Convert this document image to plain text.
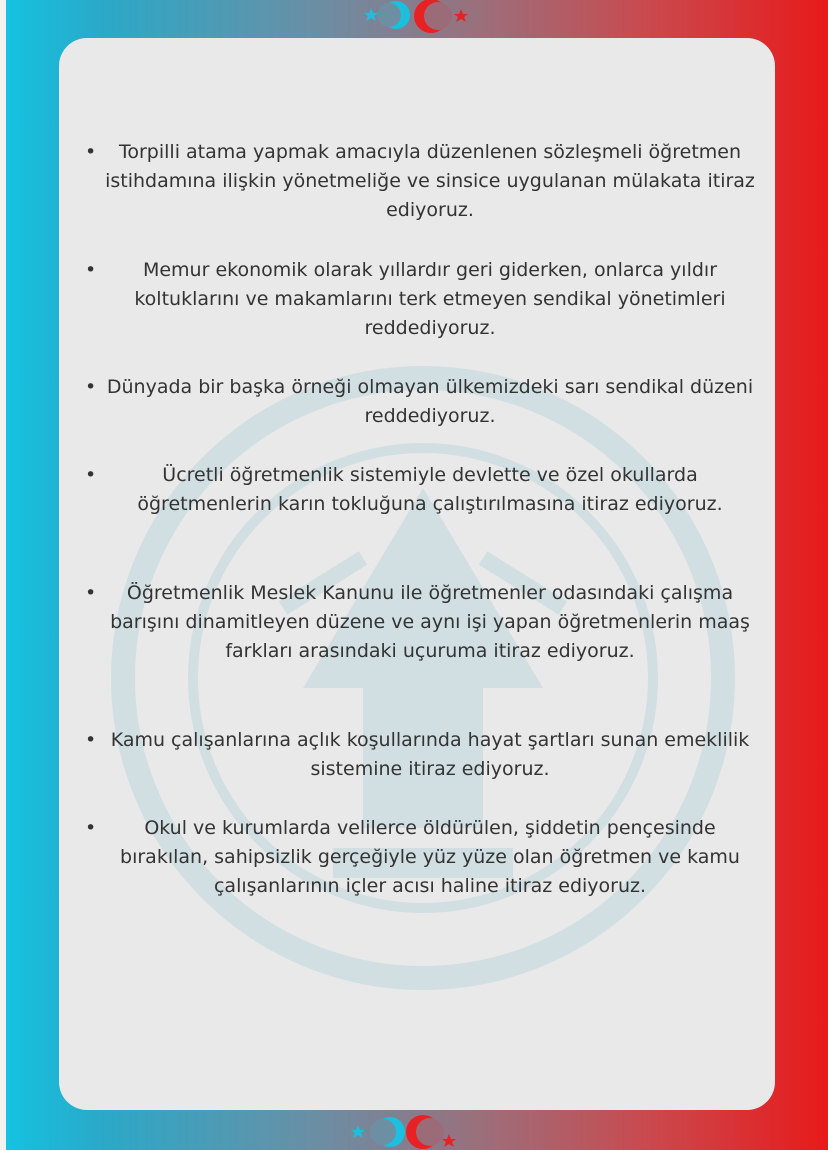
•	Torpilli atama yapmak amacıyla düzenlenen sözleşmeli öğretmen istihdamına ilişkin yönetmeliğe ve sinsice uygulanan mülakata itiraz ediyoruz.
•	Memur ekonomik olarak yıllardır geri giderken, onlarca yıldır koltuklarını ve makamlarını terk etmeyen sendikal yönetimleri reddediyoruz.
• Dünyada bir başka örneği olmayan ülkemizdeki sarı sendikal düzeni reddediyoruz.
•	Ücretli öğretmenlik sistemiyle devlette ve özel okullarda öğretmenlerin karın tokluğuna çalıştırılmasına itiraz ediyoruz.
•	Öğretmenlik Meslek Kanunu ile öğretmenler odasındaki çalışma barışını dinamitleyen düzene ve aynı işi yapan öğretmenlerin maaş farkları arasındaki uçuruma itiraz ediyoruz.
• Kamu çalışanlarına açlık koşullarında hayat şartları sunan emeklilik sistemine itiraz ediyoruz.
•	Okul ve kurumlarda velilerce öldürülen, şiddetin pençesinde bırakılan, sahipsizlik gerçeğiyle yüz yüze olan öğretmen ve kamu çalışanlarının içler acısı haline itiraz ediyoruz.
